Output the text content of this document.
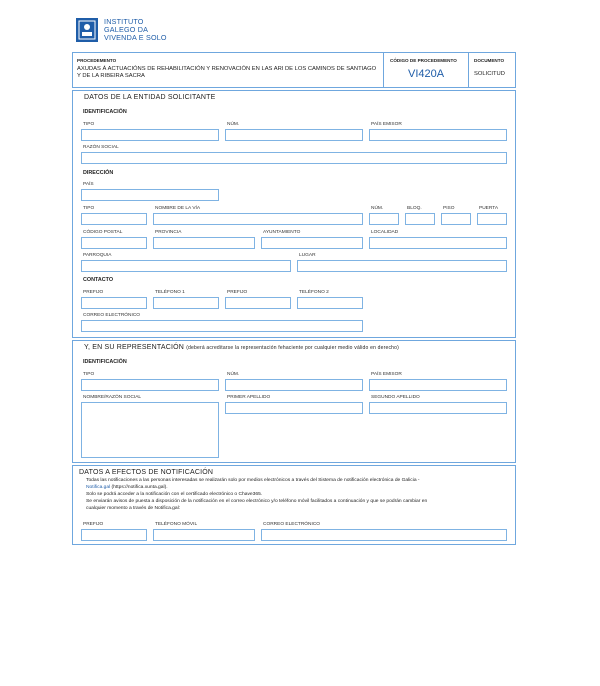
INSTITUTO
GALEGO DA
VIVENDA E SOLO
PROCEDEMENTO
AXUDAS Á ACTUACIÓNS DE REHABILITACIÓN Y RENOVACIÓN EN LAS ARI DE LOS CAMINOS DE SANTIAGO Y DE LA RIBEIRA SACRA
CÓDIGO DE PROCEDEMENTO
VI420A
DOCUMENTO
SOLICITUD
DATOS DE LA ENTIDAD SOLICITANTE
IDENTIFICACIÓN
TIPO	NÚM.	PAÍS EMISOR
RAZÓN SOCIAL
DIRECCIÓN
PAÍS
TIPO	NOMBRE DE LA VÍA	NÚM.	BLOQ.	PISO	PUERTA
CÓDIGO POSTAL	PROVINCIA	AYUNTAMIENTO	LOCALIDAD
PARROQUIA	LUGAR
CONTACTO
PREFIJO	TELÉFONO 1	PREFIJO	TELÉFONO 2
CORREO ELECTRÓNICO
Y, EN SU REPRESENTACIÓN (deberá acreditarse la representación fehaciente por cualquier medio válido en derecho)
IDENTIFICACIÓN
TIPO	NÚM.	PAÍS EMISOR
NOMBRE/RAZÓN SOCIAL	PRIMER APELLIDO	SEGUNDO APELLIDO
DATOS A EFECTOS DE NOTIFICACIÓN
Todas las notificaciones a las personas interesadas se realizarán solo por medios electrónicos a través del Sistema de notificación electrónica de Galicia -
Notifica.gal (https://notifica.xunta.gal).
Solo se podrá acceder a la notificación con el certificado electrónico o Chave365.
Se enviarán avisos de puesta a disposición de la notificación en el correo electrónico y/o teléfono móvil facilitados a continuación y que se podrán cambiar en
cualquier momento a través de Notifica.gal:
PREFIJO	TELÉFONO MÓVIL	CORREO ELECTRÓNICO
